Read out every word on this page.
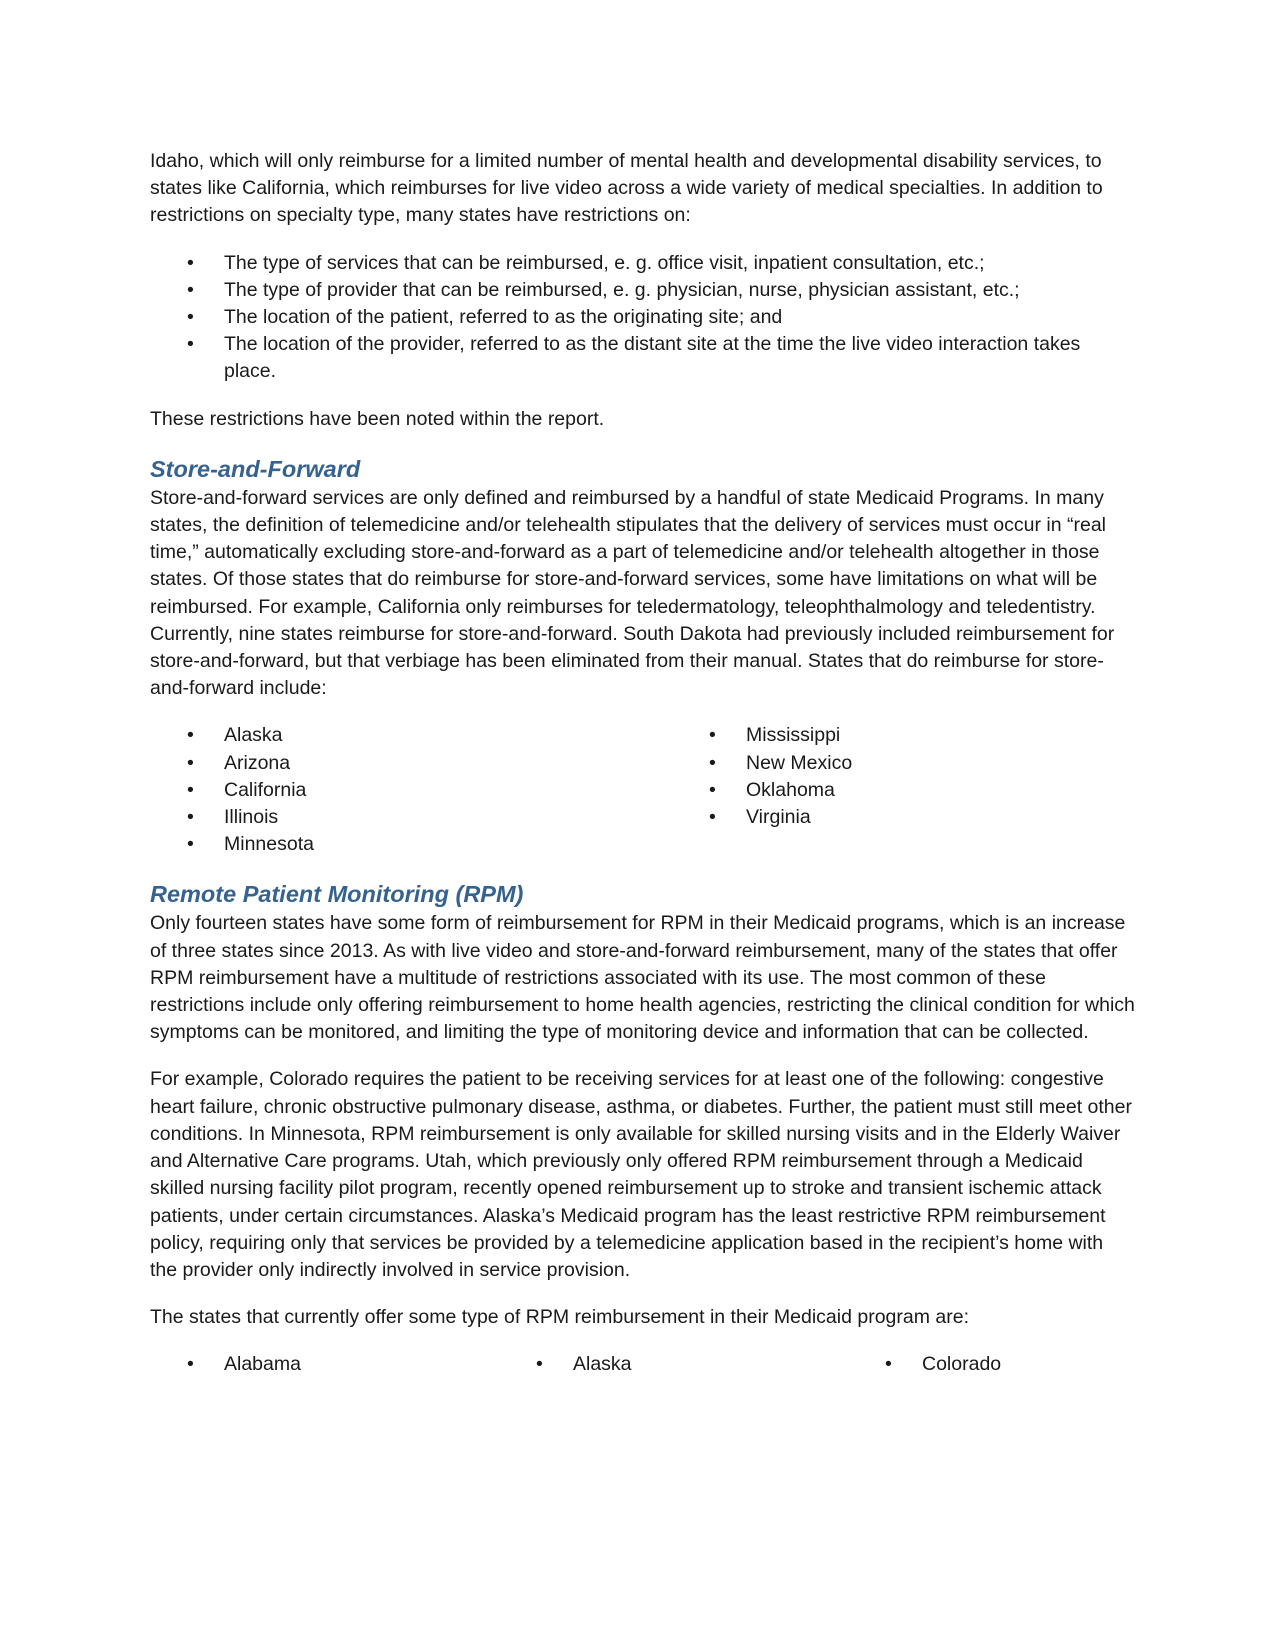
Idaho, which will only reimburse for a limited number of mental health and developmental disability services, to states like California, which reimburses for live video across a wide variety of medical specialties. In addition to restrictions on specialty type, many states have restrictions on:

• The type of services that can be reimbursed, e. g. office visit, inpatient consultation, etc.;
• The type of provider that can be reimbursed, e. g. physician, nurse, physician assistant, etc.;
• The location of the patient, referred to as the originating site; and
• The location of the provider, referred to as the distant site at the time the live video interaction takes place.

These restrictions have been noted within the report.

Store-and-Forward

Store-and-forward services are only defined and reimbursed by a handful of state Medicaid Programs. In many states, the definition of telemedicine and/or telehealth stipulates that the delivery of services must occur in “real time,” automatically excluding store-and-forward as a part of telemedicine and/or telehealth altogether in those states. Of those states that do reimburse for store-and-forward services, some have limitations on what will be reimbursed. For example, California only reimburses for teledermatology, teleophthalmology and teledentistry. Currently, nine states reimburse for store-and-forward. South Dakota had previously included reimbursement for store-and-forward, but that verbiage has been eliminated from their manual. States that do reimburse for store-and-forward include:

• Alaska
• Arizona
• California
• Illinois
• Minnesota
• Mississippi
• New Mexico
• Oklahoma
• Virginia
Remote Patient Monitoring (RPM)

Only fourteen states have some form of reimbursement for RPM in their Medicaid programs, which is an increase of three states since 2013. As with live video and store-and-forward reimbursement, many of the states that offer RPM reimbursement have a multitude of restrictions associated with its use. The most common of these restrictions include only offering reimbursement to home health agencies, restricting the clinical condition for which symptoms can be monitored, and limiting the type of monitoring device and information that can be collected.

For example, Colorado requires the patient to be receiving services for at least one of the following: congestive heart failure, chronic obstructive pulmonary disease, asthma, or diabetes. Further, the patient must still meet other conditions. In Minnesota, RPM reimbursement is only available for skilled nursing visits and in the Elderly Waiver and Alternative Care programs. Utah, which previously only offered RPM reimbursement through a Medicaid skilled nursing facility pilot program, recently opened reimbursement up to stroke and transient ischemic attack patients, under certain circumstances. Alaska’s Medicaid program has the least restrictive RPM reimbursement policy, requiring only that services be provided by a telemedicine application based in the recipient’s home with the provider only indirectly involved in service provision.

The states that currently offer some type of RPM reimbursement in their Medicaid program are:

• Alabama	• Alaska	• Colorado
